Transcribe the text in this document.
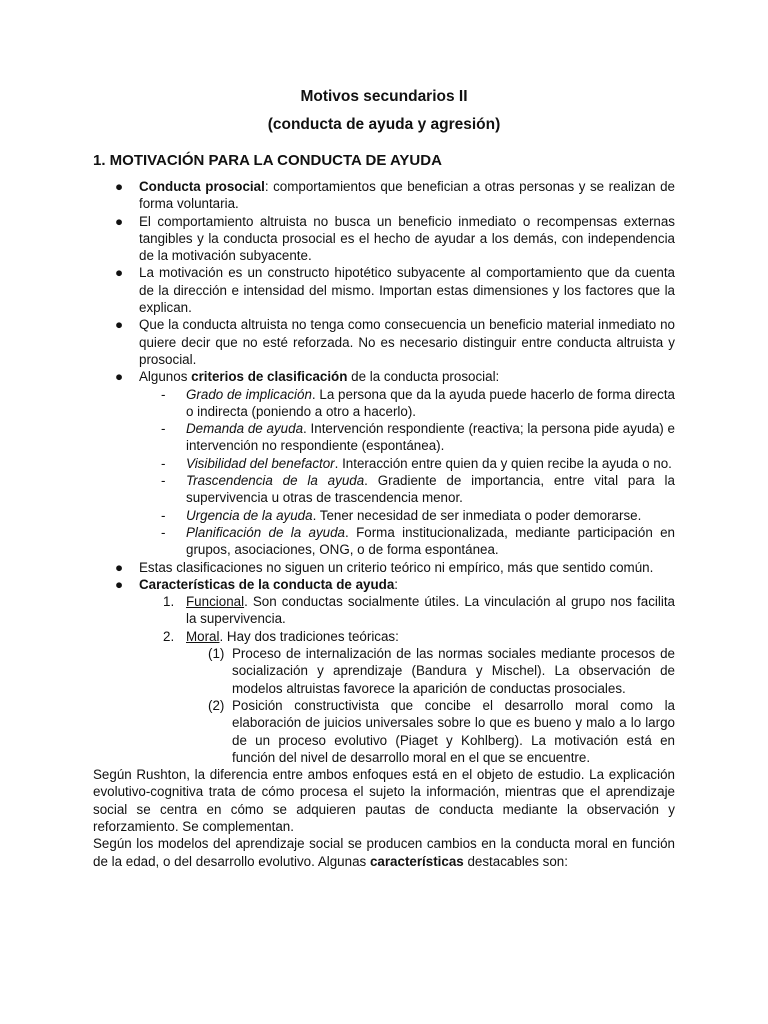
Motivos secundarios II
(conducta de ayuda y agresión)
1. MOTIVACIÓN PARA LA CONDUCTA DE AYUDA
● Conducta prosocial: comportamientos que benefician a otras personas y se realizan de forma voluntaria.
● El comportamiento altruista no busca un beneficio inmediato o recompensas externas tangibles y la conducta prosocial es el hecho de ayudar a los demás, con independencia de la motivación subyacente.
● La motivación es un constructo hipotético subyacente al comportamiento que da cuenta de la dirección e intensidad del mismo. Importan estas dimensiones y los factores que la explican.
● Que la conducta altruista no tenga como consecuencia un beneficio material inmediato no quiere decir que no esté reforzada. No es necesario distinguir entre conducta altruista y prosocial.
● Algunos criterios de clasificación de la conducta prosocial:
- Grado de implicación. La persona que da la ayuda puede hacerlo de forma directa o indirecta (poniendo a otro a hacerlo).
- Demanda de ayuda. Intervención respondiente (reactiva; la persona pide ayuda) e intervención no respondiente (espontánea).
- Visibilidad del benefactor. Interacción entre quien da y quien recibe la ayuda o no.
- Trascendencia de la ayuda. Gradiente de importancia, entre vital para la supervivencia u otras de trascendencia menor.
- Urgencia de la ayuda. Tener necesidad de ser inmediata o poder demorarse.
- Planificación de la ayuda. Forma institucionalizada, mediante participación en grupos, asociaciones, ONG, o de forma espontánea.
● Estas clasificaciones no siguen un criterio teórico ni empírico, más que sentido común.
● Características de la conducta de ayuda:
1. Funcional. Son conductas socialmente útiles. La vinculación al grupo nos facilita la supervivencia.
2. Moral. Hay dos tradiciones teóricas:
(1) Proceso de internalización de las normas sociales mediante procesos de socialización y aprendizaje (Bandura y Mischel). La observación de modelos altruistas favorece la aparición de conductas prosociales.
(2) Posición constructivista que concibe el desarrollo moral como la elaboración de juicios universales sobre lo que es bueno y malo a lo largo de un proceso evolutivo (Piaget y Kohlberg). La motivación está en función del nivel de desarrollo moral en el que se encuentre.
Según Rushton, la diferencia entre ambos enfoques está en el objeto de estudio. La explicación evolutivo-cognitiva trata de cómo procesa el sujeto la información, mientras que el aprendizaje social se centra en cómo se adquieren pautas de conducta mediante la observación y reforzamiento. Se complementan.
Según los modelos del aprendizaje social se producen cambios en la conducta moral en función de la edad, o del desarrollo evolutivo. Algunas características destacables son:
